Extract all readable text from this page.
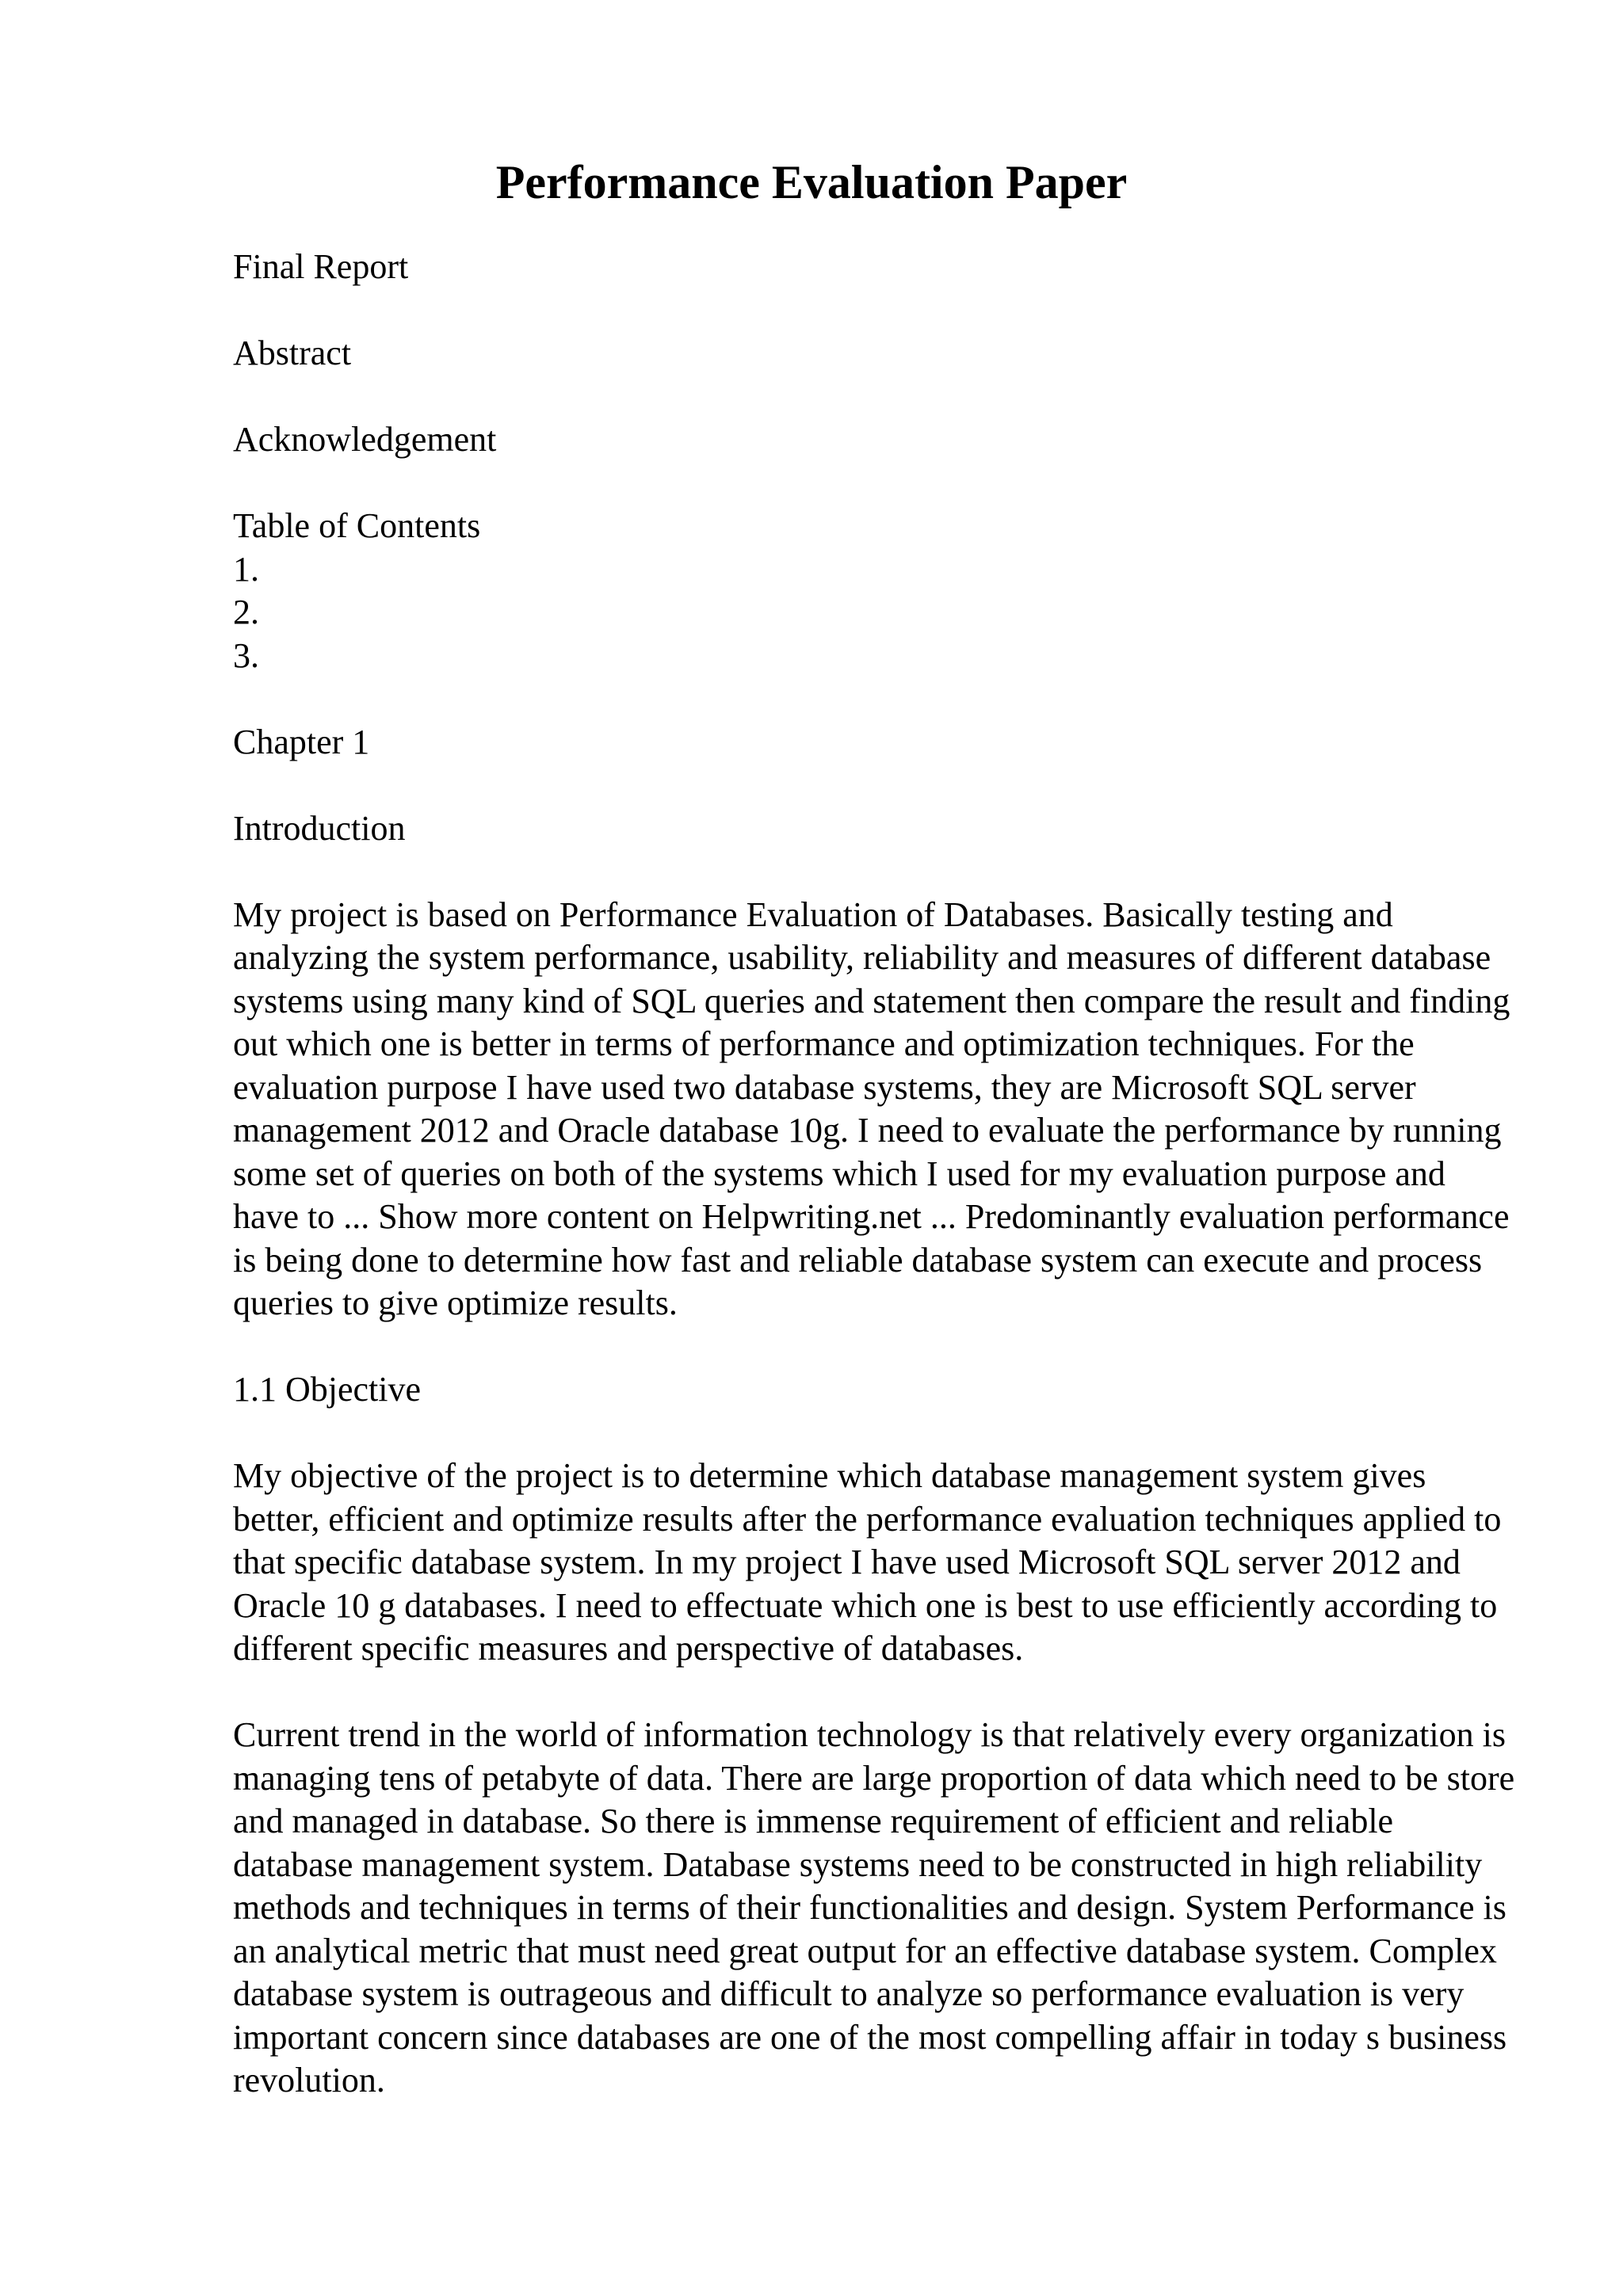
Performance Evaluation Paper

Final Report

Abstract

Acknowledgement

Table of Contents
1.
2.
3.

Chapter 1

Introduction

My project is based on Performance Evaluation of Databases. Basically testing and analyzing the system performance, usability, reliability and measures of different database systems using many kind of SQL queries and statement then compare the result and finding out which one is better in terms of performance and optimization techniques. For the evaluation purpose I have used two database systems, they are Microsoft SQL server management 2012 and Oracle database 10g. I need to evaluate the performance by running some set of queries on both of the systems which I used for my evaluation purpose and have to ... Show more content on Helpwriting.net ... Predominantly evaluation performance is being done to determine how fast and reliable database system can execute and process queries to give optimize results.

1.1 Objective

My objective of the project is to determine which database management system gives better, efficient and optimize results after the performance evaluation techniques applied to that specific database system. In my project I have used Microsoft SQL server 2012 and Oracle 10 g databases. I need to effectuate which one is best to use efficiently according to different specific measures and perspective of databases.

Current trend in the world of information technology is that relatively every organization is managing tens of petabyte of data. There are large proportion of data which need to be store and managed in database. So there is immense requirement of efficient and reliable database management system. Database systems need to be constructed in high reliability methods and techniques in terms of their functionalities and design. System Performance is an analytical metric that must need great output for an effective database system. Complex database system is outrageous and difficult to analyze so performance evaluation is very important concern since databases are one of the most compelling affair in today s business revolution.
